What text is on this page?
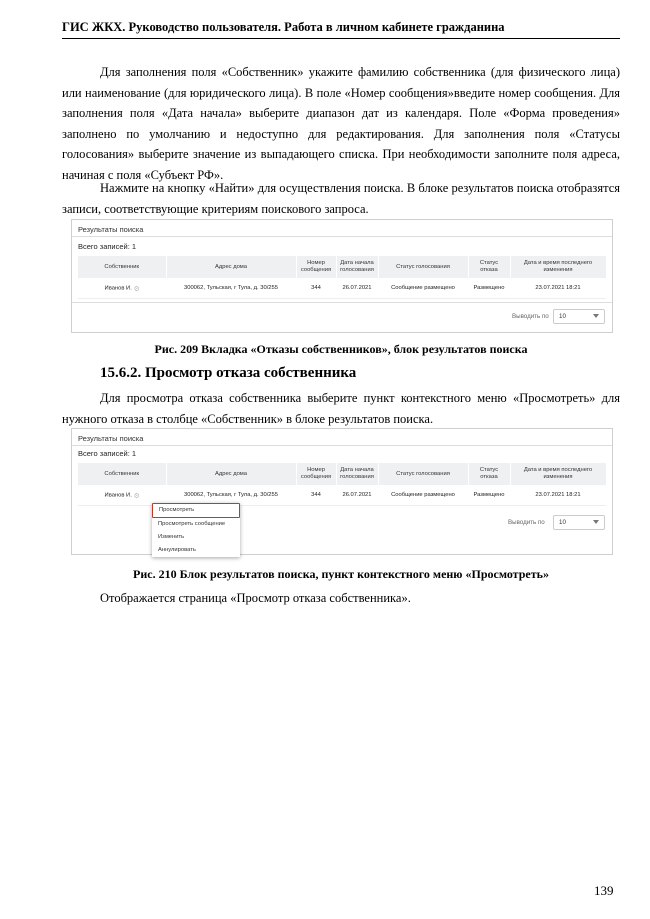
ГИС ЖКХ. Руководство пользователя. Работа в личном кабинете гражданина
Для заполнения поля «Собственник» укажите фамилию собственника (для физического лица) или наименование (для юридического лица). В поле «Номер сообщения»введите номер сообщения. Для заполнения поля «Дата начала» выберите диапазон дат из календаря. Поле «Форма проведения» заполнено по умолчанию и недоступно для редактирования. Для заполнения поля «Статусы голосования» выберите значение из выпадающего списка. При необходимости заполните поля адреса, начиная с поля «Субъект РФ».
Нажмите на кнопку «Найти» для осуществления поиска. В блоке результатов поиска отобразятся записи, соответствующие критериям поискового запроса.
Результаты поиска
Всего записей: 1
Собственник	Адрес дома	Номер сообщения	Дата начала голосования	Статус голосования	Статус отказа	Дата и время последнего изменения
Иванов И. ⚙	300062, Тульская, г Тула, д. 30/255	344	26.07.2021	Сообщение размещено	Размещено	23.07.2021 18:21
Выводить по 10
Рис. 209 Вкладка «Отказы собственников», блок результатов поиска
15.6.2. Просмотр отказа собственника
Для просмотра отказа собственника выберите пункт контекстного меню «Просмотреть» для нужного отказа в столбце «Собственник» в блоке результатов поиска.
Результаты поиска
Всего записей: 1
Собственник	Адрес дома	Номер сообщения	Дата начала голосования	Статус голосования	Статус отказа	Дата и время последнего изменения
Иванов И. ⚙	300062, Тульская, г Тула, д. 30/255	344	26.07.2021	Сообщение размещено	Размещено	23.07.2021 18:21
Выводить по 10
Просмотреть
Просмотреть сообщение
Изменить
Аннулировать
Рис. 210 Блок результатов поиска, пункт контекстного меню «Просмотреть»
Отображается страница «Просмотр отказа собственника».
139
